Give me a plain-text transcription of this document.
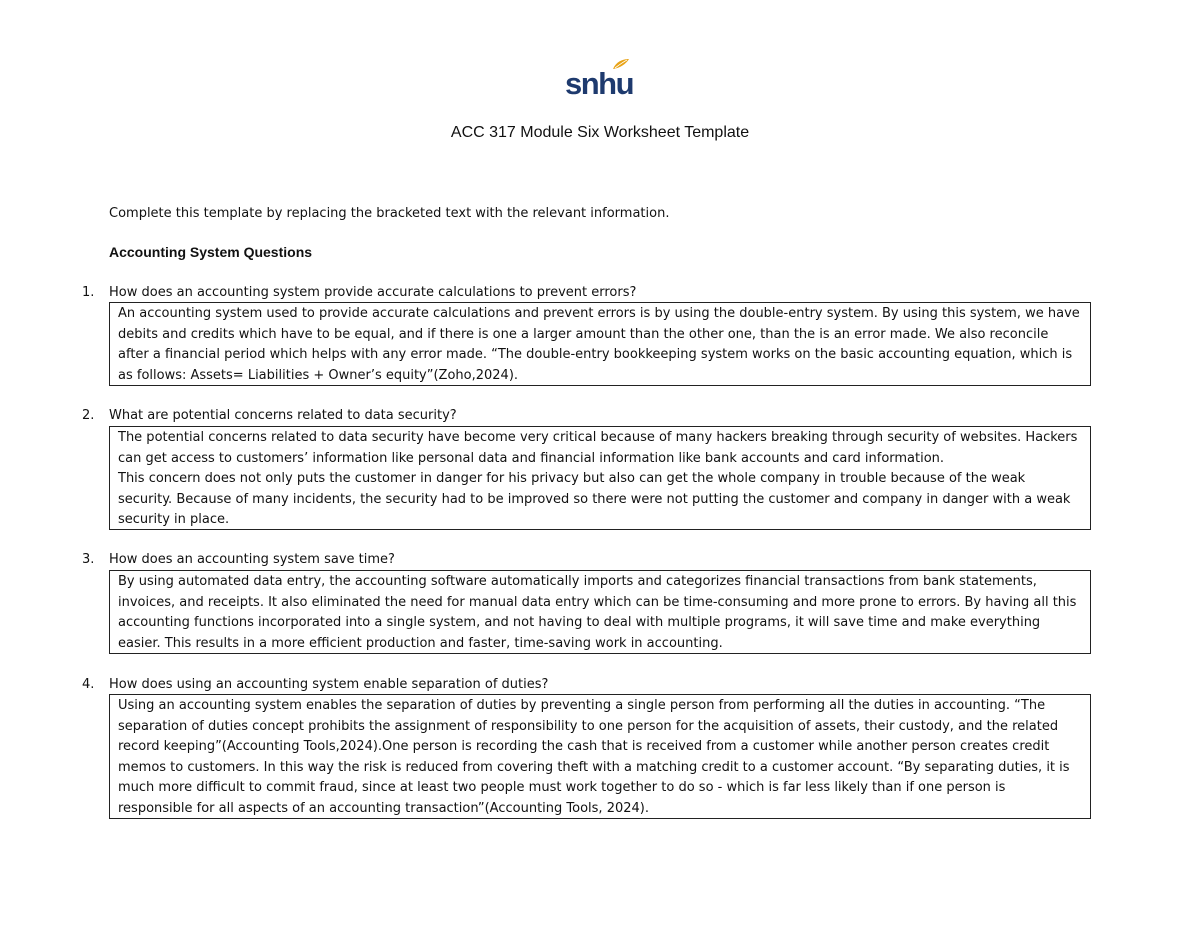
snhu
ACC 317 Module Six Worksheet Template
Complete this template by replacing the bracketed text with the relevant information.
Accounting System Questions
1. How does an accounting system provide accurate calculations to prevent errors?

An accounting system used to provide accurate calculations and prevent errors is by using the double-entry system. By using this system, we have debits and credits which have to be equal, and if there is one a larger amount than the other one, than the is an error made. We also reconcile after a financial period which helps with any error made. “The double-entry bookkeeping system works on the basic accounting equation, which is as follows: Assets= Liabilities + Owner’s equity”(Zoho,2024).

2. What are potential concerns related to data security?

The potential concerns related to data security have become very critical because of many hackers breaking through security of websites. Hackers can get access to customers’ information like personal data and financial information like bank accounts and card information.

This concern does not only puts the customer in danger for his privacy but also can get the whole company in trouble because of the weak security. Because of many incidents, the security had to be improved so there were not putting the customer and company in danger with a weak security in place.

3. How does an accounting system save time?

By using automated data entry, the accounting software automatically imports and categorizes financial transactions from bank statements, invoices, and receipts. It also eliminated the need for manual data entry which can be time-consuming and more prone to errors. By having all this accounting functions incorporated into a single system, and not having to deal with multiple programs, it will save time and make everything easier. This results in a more efficient production and faster, time-saving work in accounting.

4. How does using an accounting system enable separation of duties?

Using an accounting system enables the separation of duties by preventing a single person from performing all the duties in accounting. “The separation of duties concept prohibits the assignment of responsibility to one person for the acquisition of assets, their custody, and the related record keeping”(Accounting Tools,2024).One person is recording the cash that is received from a customer while another person creates credit memos to customers. In this way the risk is reduced from covering theft with a matching credit to a customer account. “By separating duties, it is much more difficult to commit fraud, since at least two people must work together to do so - which is far less likely than if one person is responsible for all aspects of an accounting transaction”(Accounting Tools, 2024).
